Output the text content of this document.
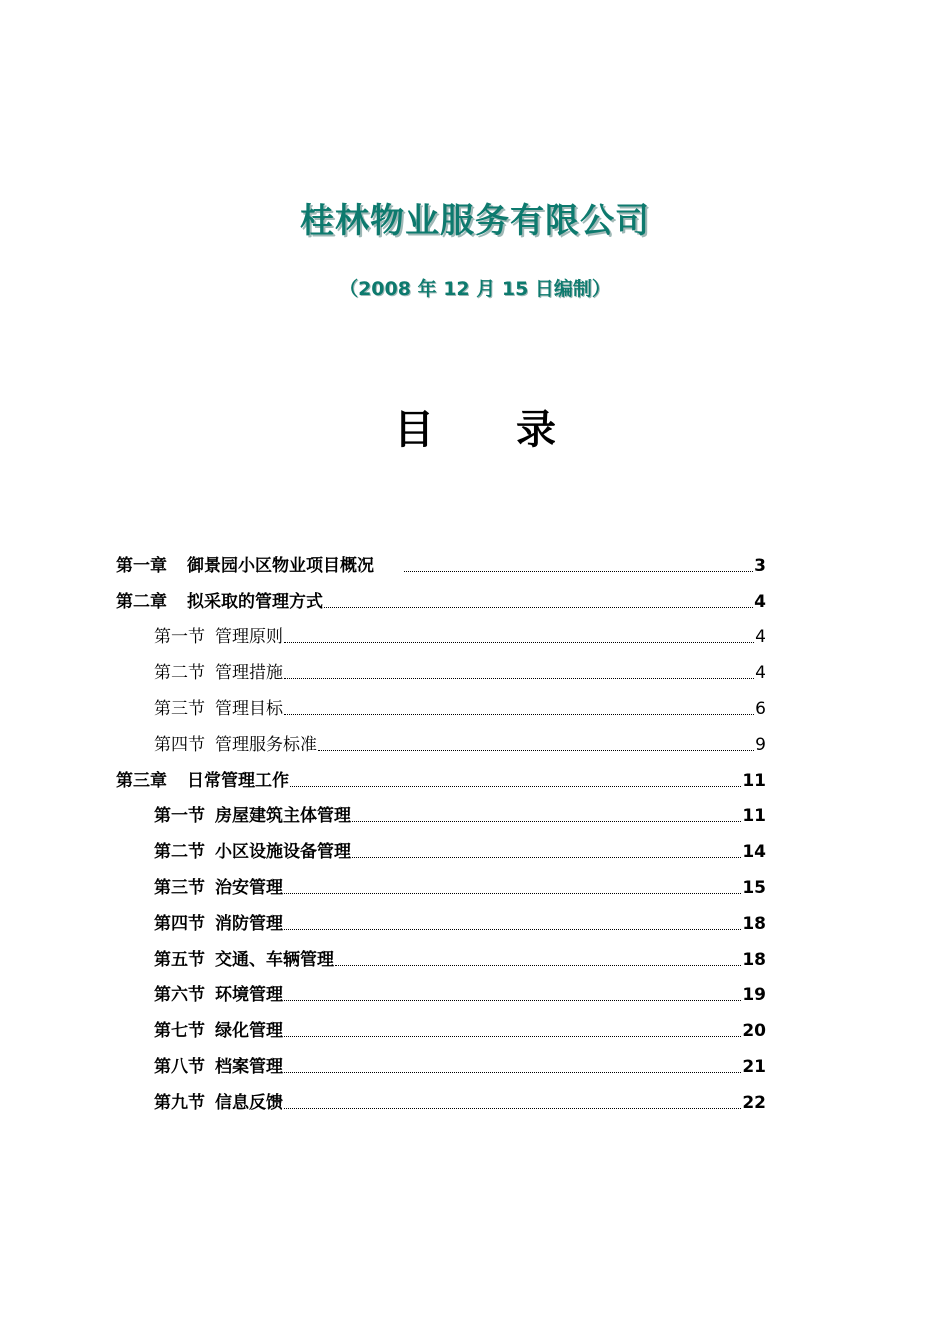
桂林物业服务有限公司
（2008 年 12 月 15 日编制）
目 录
第一章 御景园小区物业项目概况	3
第二章 拟采取的管理方式	4
第一节 管理原则	4
第二节 管理措施	4
第三节 管理目标	6
第四节 管理服务标准	9
第三章 日常管理工作	11
第一节 房屋建筑主体管理	11
第二节 小区设施设备管理	14
第三节 治安管理	15
第四节 消防管理	18
第五节 交通、车辆管理	18
第六节 环境管理	19
第七节 绿化管理	20
第八节 档案管理	21
第九节 信息反馈	22
